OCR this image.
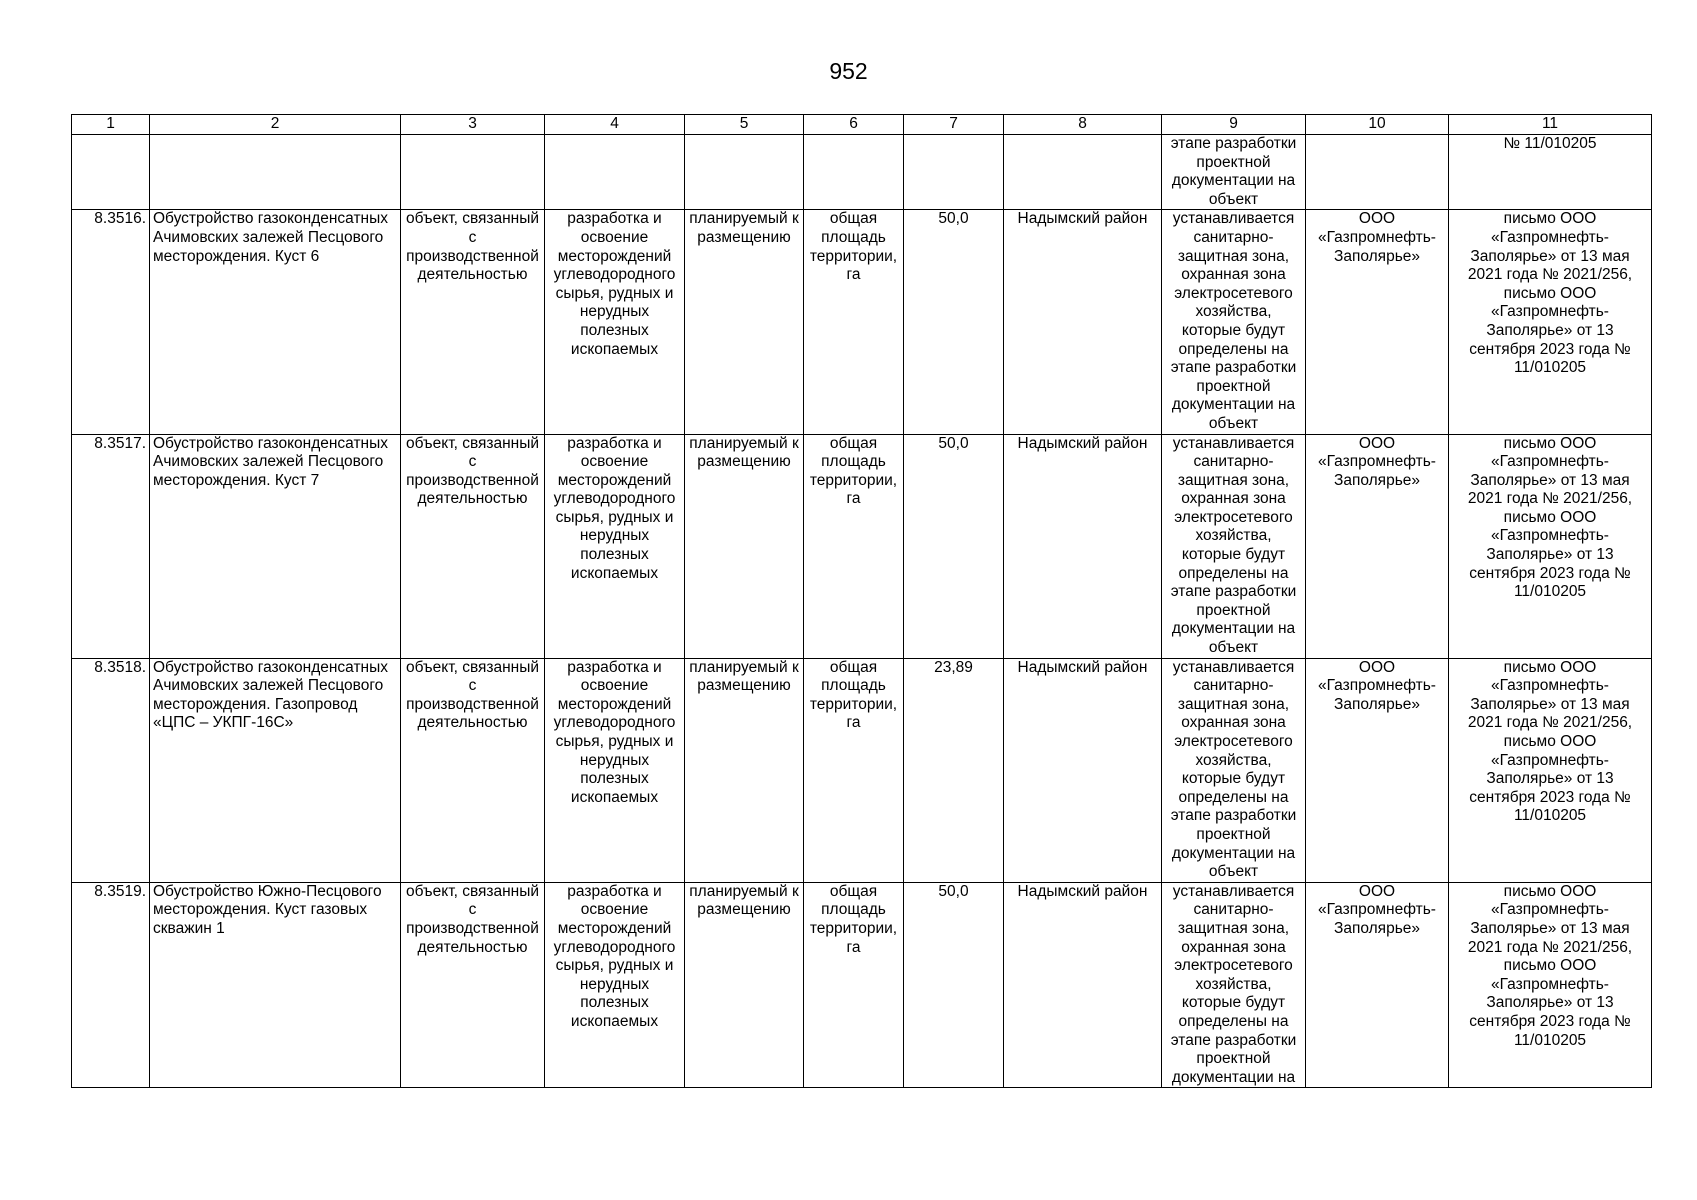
952
1	2	3	4	5	6	7	8	9	10	11
								этапе разработки проектной документации на объект		№ 11/010205
8.3516.	Обустройство газоконденсатных Ачимовских залежей Песцового месторождения. Куст 6	объект, связанный с производственной деятельностью	разработка и освоение месторождений углеводородного сырья, рудных и нерудных полезных ископаемых	планируемый к размещению	общая площадь территории, га	50,0	Надымский район	устанавливается санитарно-защитная зона, охранная зона электросетевого хозяйства, которые будут определены на этапе разработки проектной документации на объект	ООО «Газпромнефть-Заполярье»	письмо ООО «Газпромнефть-Заполярье» от 13 мая 2021 года № 2021/256, письмо ООО «Газпромнефть-Заполярье» от 13 сентября 2023 года № 11/010205
8.3517.	Обустройство газоконденсатных Ачимовских залежей Песцового месторождения. Куст 7	объект, связанный с производственной деятельностью	разработка и освоение месторождений углеводородного сырья, рудных и нерудных полезных ископаемых	планируемый к размещению	общая площадь территории, га	50,0	Надымский район	устанавливается санитарно-защитная зона, охранная зона электросетевого хозяйства, которые будут определены на этапе разработки проектной документации на объект	ООО «Газпромнефть-Заполярье»	письмо ООО «Газпромнефть-Заполярье» от 13 мая 2021 года № 2021/256, письмо ООО «Газпромнефть-Заполярье» от 13 сентября 2023 года № 11/010205
8.3518.	Обустройство газоконденсатных Ачимовских залежей Песцового месторождения. Газопровод «ЦПС – УКПГ-16С»	объект, связанный с производственной деятельностью	разработка и освоение месторождений углеводородного сырья, рудных и нерудных полезных ископаемых	планируемый к размещению	общая площадь территории, га	23,89	Надымский район	устанавливается санитарно-защитная зона, охранная зона электросетевого хозяйства, которые будут определены на этапе разработки проектной документации на объект	ООО «Газпромнефть-Заполярье»	письмо ООО «Газпромнефть-Заполярье» от 13 мая 2021 года № 2021/256, письмо ООО «Газпромнефть-Заполярье» от 13 сентября 2023 года № 11/010205
8.3519.	Обустройство Южно-Песцового месторождения. Куст газовых скважин 1	объект, связанный с производственной деятельностью	разработка и освоение месторождений углеводородного сырья, рудных и нерудных полезных ископаемых	планируемый к размещению	общая площадь территории, га	50,0	Надымский район	устанавливается санитарно-защитная зона, охранная зона электросетевого хозяйства, которые будут определены на этапе разработки проектной документации на	ООО «Газпромнефть-Заполярье»	письмо ООО «Газпромнефть-Заполярье» от 13 мая 2021 года № 2021/256, письмо ООО «Газпромнефть-Заполярье» от 13 сентября 2023 года № 11/010205
